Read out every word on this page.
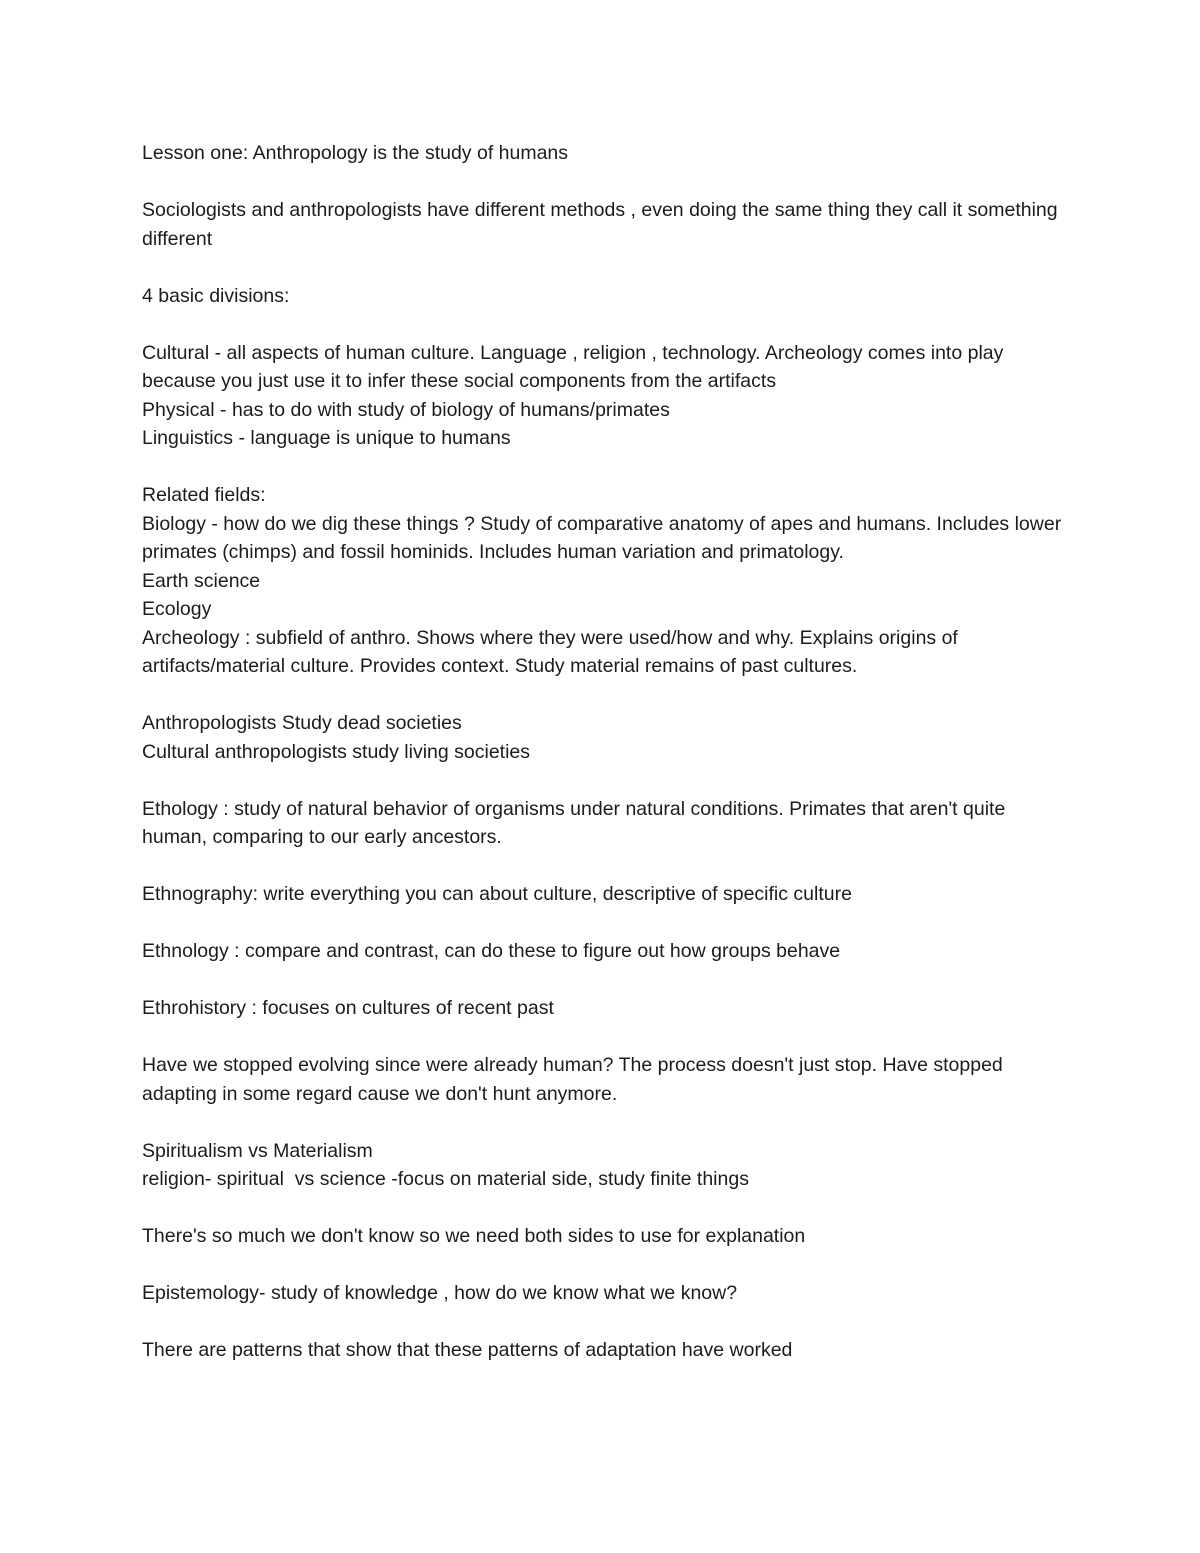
Lesson one: Anthropology is the study of humans

Sociologists and anthropologists have different methods , even doing the same thing they call it something different

4 basic divisions:

Cultural - all aspects of human culture. Language , religion , technology. Archeology comes into play because you just use it to infer these social components from the artifacts

Physical - has to do with study of biology of humans/primates

Linguistics - language is unique to humans

Related fields:

Biology - how do we dig these things ? Study of comparative anatomy of apes and humans. Includes lower primates (chimps) and fossil hominids. Includes human variation and primatology.

Earth science

Ecology

Archeology : subfield of anthro. Shows where they were used/how and why. Explains origins of artifacts/material culture. Provides context. Study material remains of past cultures.

Anthropologists Study dead societies

Cultural anthropologists study living societies

Ethology : study of natural behavior of organisms under natural conditions. Primates that aren't quite human, comparing to our early ancestors.

Ethnography: write everything you can about culture, descriptive of specific culture

Ethnology : compare and contrast, can do these to figure out how groups behave

Ethrohistory : focuses on cultures of recent past

Have we stopped evolving since were already human? The process doesn't just stop. Have stopped adapting in some regard cause we don't hunt anymore.

Spiritualism vs Materialism

religion- spiritual  vs science -focus on material side, study finite things

There's so much we don't know so we need both sides to use for explanation

Epistemology- study of knowledge , how do we know what we know?

There are patterns that show that these patterns of adaptation have worked
